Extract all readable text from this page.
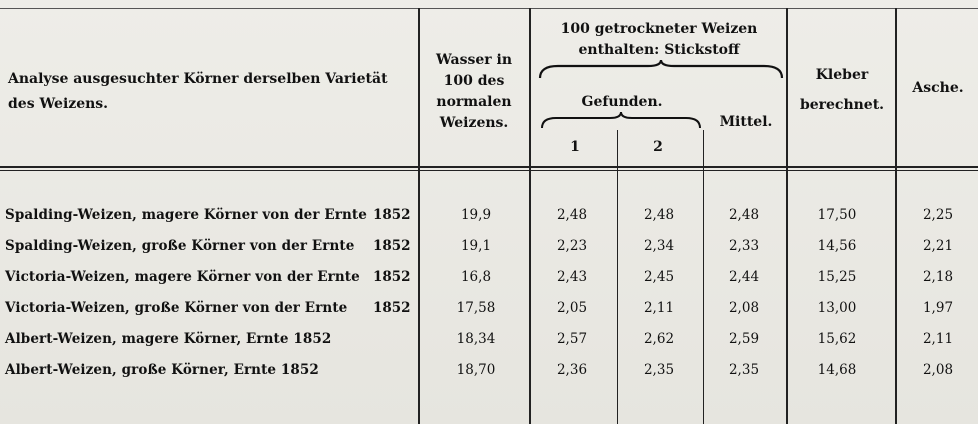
Analyse ausgesuchter Körner derselben Varietät des Weizens.
Wasser in 100 des normalen Weizens.
100 getrockneter Weizen enthalten: Stickstoff
Gefunden.
1	2
Mittel.
Kleber berechnet.
Asche.
Spalding-Weizen, magere Körner von der Ernte 1852	19,9	2,48	2,48	2,48	17,50	2,25
Spalding-Weizen, große Körner von der Ernte 1852	19,1	2,23	2,34	2,33	14,56	2,21
Victoria-Weizen, magere Körner von der Ernte 1852	16,8	2,43	2,45	2,44	15,25	2,18
Victoria-Weizen, große Körner von der Ernte 1852	17,58	2,05	2,11	2,08	13,00	1,97
Albert-Weizen, magere Körner, Ernte 1852	18,34	2,57	2,62	2,59	15,62	2,11
Albert-Weizen, große Körner, Ernte 1852	18,70	2,36	2,35	2,35	14,68	2,08
